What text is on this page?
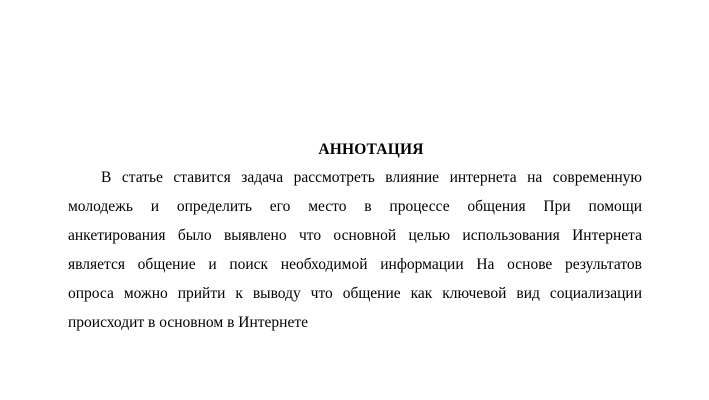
АННОТАЦИЯ
В статье ставится задача рассмотреть влияние интернета на современную
молодежь и определить его место в процессе общения При помощи
анкетирования было выявлено что основной целью использования Интернета
является общение и поиск необходимой информации На основе результатов
опроса можно прийти к выводу что общение как ключевой вид социализации
происходит в основном в Интернете
